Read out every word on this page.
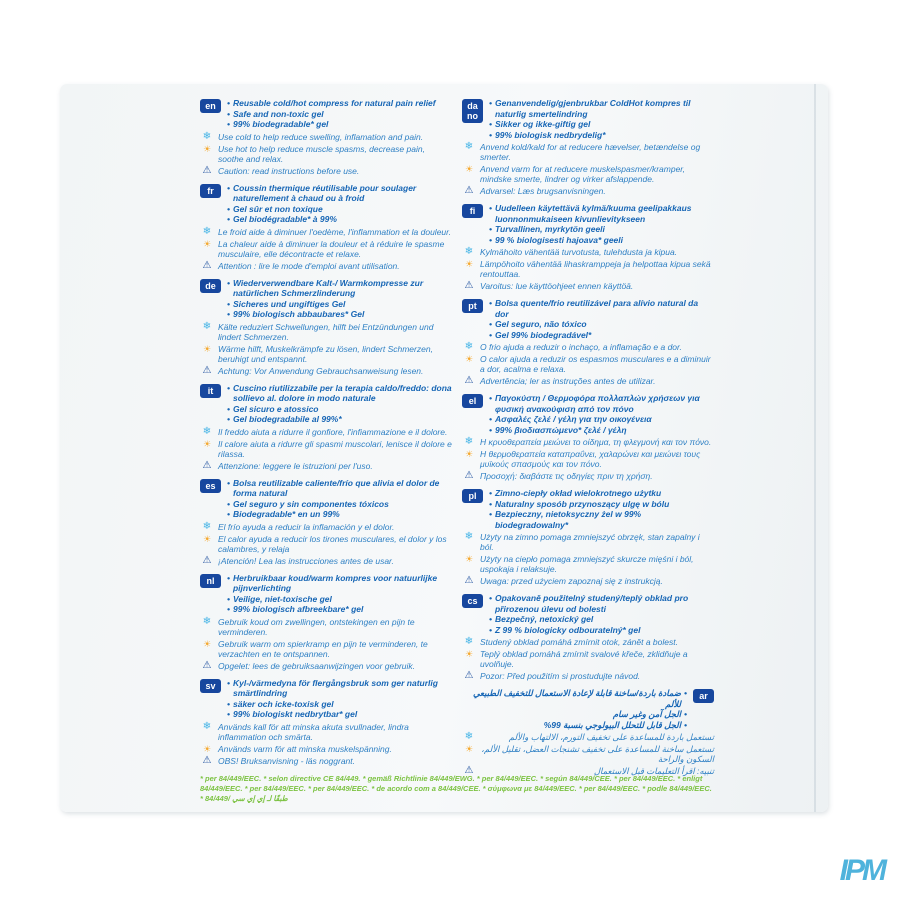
en • Reusable cold/hot compress for natural pain relief
• Safe and non-toxic gel
• 99% biodegradable* gel
❄ Use cold to help reduce swelling, inflamation and pain.
☀ Use hot to help reduce muscle spasms, decrease pain, soothe and relax.
⚠ Caution: read instructions before use.
fr	• Coussin thermique réutilisable pour soulager naturellement à chaud ou à froid
• Gel sûr et non toxique
• Gel biodégradable* à 99%
❄ Le froid aide à diminuer l'oedème, l'inflammation et la douleur.
☀ La chaleur aide à diminuer la douleur et à réduire le spasme musculaire, elle décontracte et relaxe.
⚠ Attention : lire le mode d'emploi avant utilisation.
de • Wiederverwendbare Kalt-/ Warmkompresse zur natürlichen Schmerzlinderung
• Sicheres und ungiftiges Gel
• 99% biologisch abbaubares* Gel
❄ Kälte reduziert Schwellungen, hilft bei Entzündungen und lindert Schmerzen.
☀ Wärme hilft, Muskelkrämpfe zu lösen, lindert Schmerzen, beruhigt und entspannt.
⚠ Achtung: Vor Anwendung Gebrauchsanweisung lesen.
it	• Cuscino riutilizzabile per la terapia caldo/freddo: dona sollievo al. dolore in modo naturale
• Gel sicuro e atossico
• Gel biodegradabile al 99%*
❄ Il freddo aiuta a ridurre il gonfiore, l'infiammazione e il dolore.
☀ Il calore aiuta a ridurre gli spasmi muscolari, lenisce il dolore e rilassa.
⚠ Attenzione: leggere le istruzioni per l'uso.
es • Bolsa reutilizable caliente/frío que alivia el dolor de forma natural
• Gel seguro y sin componentes tóxicos
• Biodegradable* en un 99%
❄ El frío ayuda a reducir la inflamación y el dolor.
☀ El calor ayuda a reducir los tirones musculares, el dolor y los calambres, y relaja
⚠ ¡Atención! Lea las instrucciones antes de usar.
nl	• Herbruikbaar koud/warm kompres voor natuurlijke pijnverlichting
• Veilige, niet-toxische gel
• 99% biologisch afbreekbare* gel
❄ Gebruik koud om zwellingen, ontstekingen en pijn te verminderen.
☀ Gebruik warm om spierkramp en pijn te verminderen, te verzachten en te ontspannen.
⚠ Opgelet: lees de gebruiksaanwijzingen voor gebruik.
sv • Kyl-/värmedyna för flergångsbruk som ger naturlig smärtlindring
• säker och icke-toxisk gel
• 99% biologiskt nedbrytbar* gel
❄ Används kall för att minska akuta svullnader, lindra inflammation och smärta.
☀ Används varm för att minska muskelspänning.
⚠ OBS! Bruksanvisning - läs noggrant.
da
no
• Genanvendelig/gjenbrukbar ColdHot kompres til naturlig smertelindring
• Sikker og ikke-giftig gel
• 99% biologisk nedbrydelig*
❄ Anvend kold/kald for at reducere hævelser, betændelse og smerter.
☀ Anvend varm for at reducere muskelspasmer/kramper, mindske smerte, lindrer og virker afslappende.
⚠ Advarsel: Læs brugsanvisningen.
fi	• Uudelleen käytettävä kylmä/kuuma geelipakkaus luonnonmukaiseen kivunlievitykseen
• Turvallinen, myrkytön geeli
• 99 % biologisesti hajoava* geeli
❄ Kylmähoito vähentää turvotusta, tulehdusta ja kipua.
☀ Lämpöhoito vähentää lihaskramppeja ja helpottaa kipua sekä rentouttaa.
⚠ Varoitus: lue käyttöohjeet ennen käyttöä.
pt	• Bolsa quente/frio reutilizável para alívio natural da dor
• Gel seguro, não tóxico
• Gel 99% biodegradável*
❄ O frio ajuda a reduzir o inchaço, a inflamação e a dor.
☀ O calor ajuda a reduzir os espasmos musculares e a diminuir a dor, acalma e relaxa.
⚠ Advertência; ler as instruções antes de utilizar.
el	• Παγοκύστη / Θερμοφόρα πολλαπλών χρήσεων για φυσική ανακούφιση από τον πόνο
• Ασφαλές ζελέ / γέλη για την οικογένεια
• 99% βιοδιασπώμενο* ζελέ / γέλη
❄ Η κρυοθεραπεία μειώνει το οίδημα, τη φλεγμονή και τον πόνο.
☀ Η θερμοθεραπεία καταπραΰνει, χαλαρώνει και μειώνει τους μυϊκούς σπασμούς και τον πόνο.
⚠ Προσοχή: διαβάστε τις οδηγίες πριν τη χρήση.
pl	• Zimno-ciepły okład wielokrotnego użytku
• Naturalny sposób przynoszący ulgę w bólu
• Bezpieczny, nietoksyczny żel w 99% biodegradowalny*
❄ Użyty na zimno pomaga zmniejszyć obrzęk, stan zapalny i ból.
☀ Użyty na ciepło pomaga zmniejszyć skurcze mięśni i ból, uspokaja i relaksuje.
⚠ Uwaga: przed użyciem zapoznaj się z instrukcją.
cs • Opakovaně použitelný studený/teplý obklad pro přirozenou úlevu od bolesti
• Bezpečný, netoxický gel
• Z 99 % biologicky odbouratelný* gel
❄ Studený obklad pomáhá zmírnit otok, zánět a bolest.
☀ Teplý obklad pomáhá zmírnit svalové křeče, zklidňuje a uvolňuje.
⚠ Pozor: Před použitím si prostudujte návod.
ar
•
ضمادة باردة/ساخنة قابلة لإعادة الاستعمال للتخفيف الطبيعي للألم
•
الجل آمن وغير سام
•
الجل قابل للتحلل البيولوجي بنسبة 99%
❄	تستعمل باردة للمساعدة على تخفيف التورم، الالتهاب والألم
☀ تستعمل ساخنة للمساعدة على تخفيف تشنجات العضل، تقليل الألم، السكون والراحة
⚠	تنبيه: اقرأ التعليمات قبل الاستعمال
* per 84/449/EEC. * selon directive CE 84/449. * gemäß Richtlinie 84/449/EWG. * per 84/449/EEC. * según 84/449/CEE. * per 84/449/EEC. * enligt 84/449/EEC. * per 84/449/EEC. * per 84/449/EEC. * de acordo com a 84/449/CEE. * σύμφωνα με 84/449/EEC. * per 84/449/EEC. * podle 84/449/EEC. * طبقًا لـ إي إي سي /84/449
IPM
